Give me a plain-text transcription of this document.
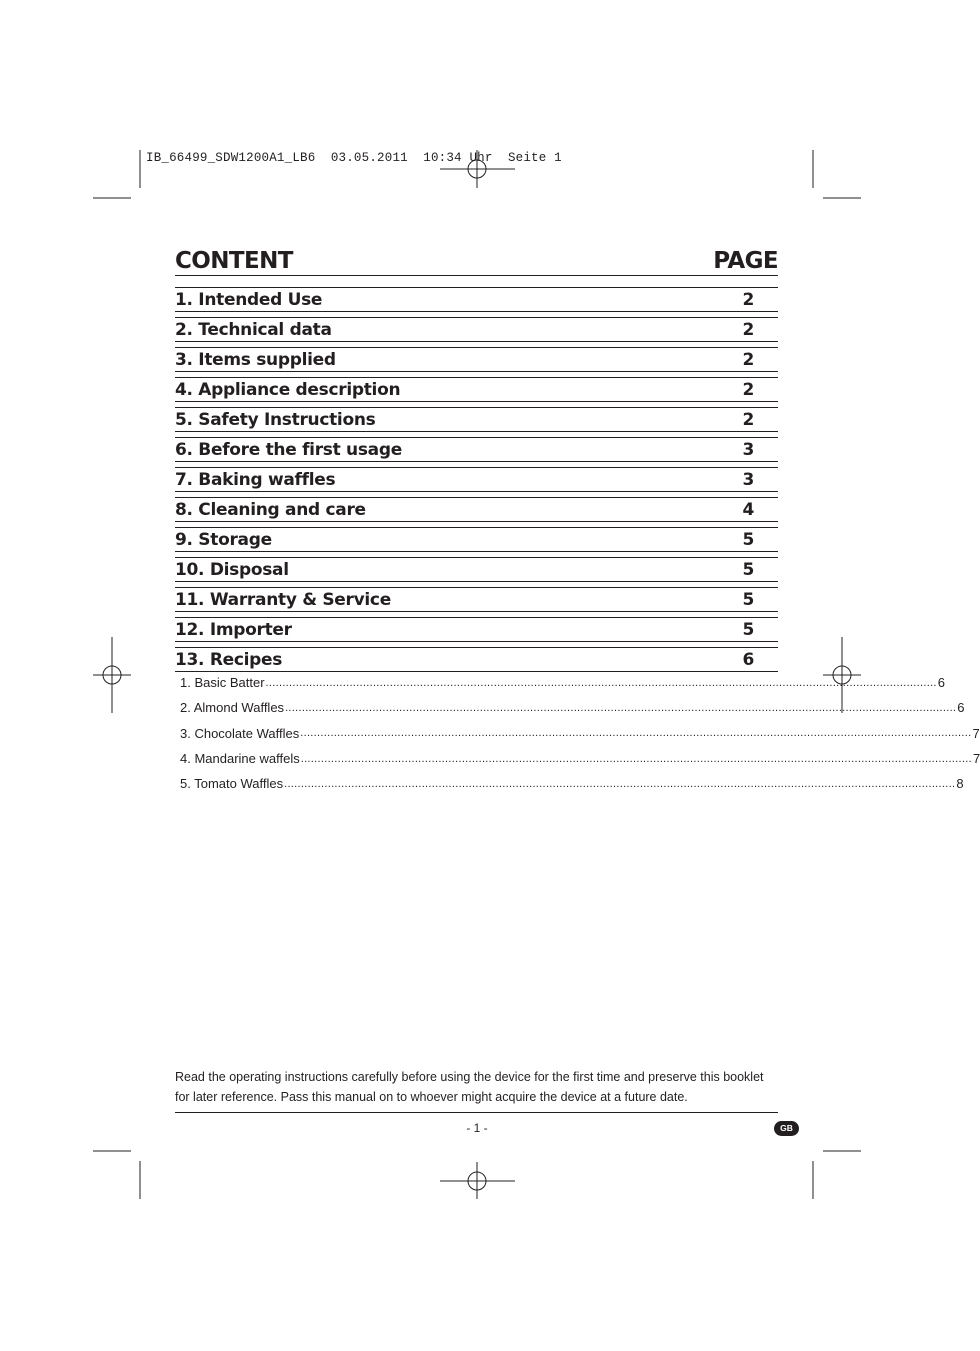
IB_66499_SDW1200A1_LB6  03.05.2011  10:34 Uhr  Seite 1
CONTENT	PAGE
1. Intended Use	2
2. Technical data	2
3. Items supplied	2
4. Appliance description	2
5. Safety Instructions	2
6. Before the first usage	3
7. Baking waffles	3
8. Cleaning and care	4
9. Storage	5
10. Disposal	5
11. Warranty & Service	5
12. Importer	5
13. Recipes	6
1. Basic Batter ........................................................................................................................................................................................................ 6
2. Almond Waffles ........................................................................................................................................................................................................ 6
3. Chocolate Waffles ........................................................................................................................................................................................................ 7
4. Mandarine waffels ........................................................................................................................................................................................................ 7
5. Tomato Waffles ........................................................................................................................................................................................................ 8
Read the operating instructions carefully before using the device for the first time and preserve this booklet for later reference. Pass this manual on to whoever might acquire the device at a future date.
- 1 -	GB
